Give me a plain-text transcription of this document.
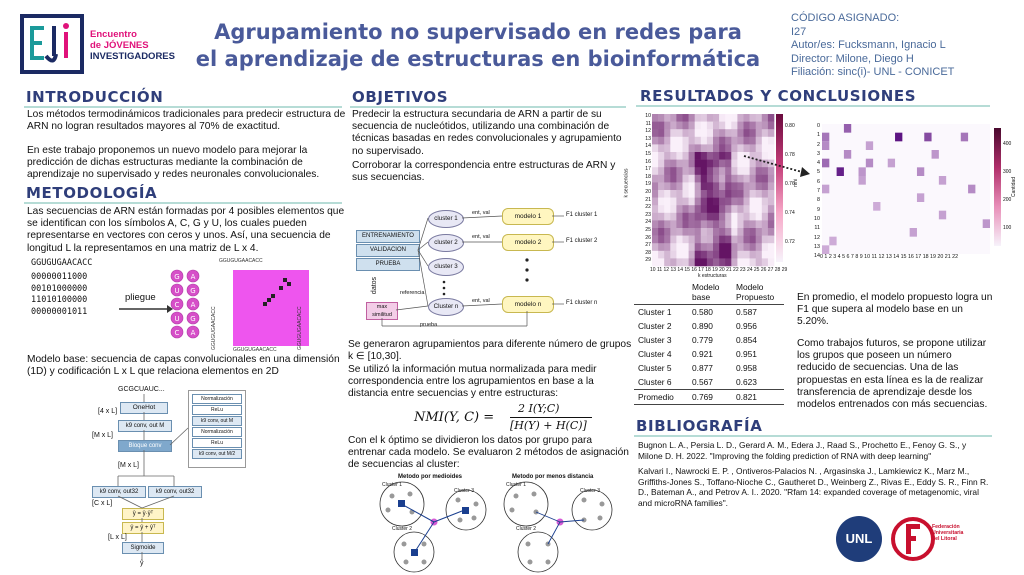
Encuentro
de JÓVENES
INVESTIGADORES
Agrupamiento no supervisado en redes para
el aprendizaje de estructuras en bioinformática
CÓDIGO ASIGNADO:
I27
Autor/es: Fucksmann, Ignacio L
Director: Milone, Diego H
Filiación: sinc(i)- UNL - CONICET
INTRODUCCIÓN
Los métodos termodinámicos tradicionales para predecir estructura de ARN no logran resultados mayores al 70% de exactitud.
En este trabajo proponemos un nuevo modelo para mejorar la predicción de dichas estructuras mediante la combinación de aprendizaje no supervisado y redes neuronales convolucionales.
METODOLOGÍA
Las secuencias de ARN están formadas por 4 posibles elementos que se identifican con los símbolos A, C, G y U, los cuales pueden representarse en vectores con ceros y unos. Así, una secuencia de longitud L la representamos en una matriz de L x 4.
GGUGUGAACACC
00000011000
00101000000
11010100000
00000001011
pliegue
G A
U G
C A
U G
C A
GGUGUGAACACC
GGUGUGAACACC
GGUGUGAACACC	GGUGUGAACACC
Modelo base: secuencia de capas convolucionales en una dimensión (1D) y codificación L x L que relaciona elementos en 2D
GCGCUAUC...
[4 x L]
OneHot
k9 conv, out M
[M x L]
Bloque conv
[M x L]
k9 conv, out32	k9 conv, out32
[C x L]
ŷ = ŷ·ŷᵀ
ŷ = ŷ + ŷᵀ
[L x L]
Sigmoide
ŷ
Normalización
ReLu
k9 conv, out M
Normalización
ReLu
k9 conv, out M/2
OBJETIVOS
Predecir la estructura secundaria de ARN a partir de su secuencia de nucleótidos, utilizando una combinación de técnicas basadas en redes convolucionales y agrupamiento no supervisado.
Corroborar la correspondencia entre estructuras de ARN y sus secuencias.
ENTRENAMIENTO
VALIDACION
PRUEBA
datos
cluster 1
cluster 2
cluster 3
Cluster n
max similitud
referencia
prueba
ent, val
ent, val
ent, val
modelo 1
modelo 2
modelo n
F1 cluster 1
F1 cluster 2
F1 cluster n
Se generaron agrupamientos para diferente número de grupos k ∈ [10,30].
Se utilizó la información mutua normalizada para medir correspondencia entre los agrupamientos en base a la distancia entre secuencias y entre estructuras:
NMI(Y, C) =
2 I(Y;C)
[H(Y) + H(C)]
Con el k óptimo se dividieron los datos por grupo para entrenar cada modelo. Se evaluaron 2 métodos de asignación de secuencias al cluster:
Metodo por medioides
Cluster 1
Cluster 3
Cluster 2
Metodo por menos distancia
Cluster 1
Cluster 3
Cluster 2
RESULTADOS Y CONCLUSIONES
k secuencias
10
11
12
13
14
15
16
17
18
19
20
21
22
23
24
25
26
27
28
29
10 11 12 13 14 15 16 17 18 19 20 21 22 23 24 25 26 27 28 29
k estructuras
0.80
0.78
0.76
0.74
0.72
nmi
0
1
2
3
4
5
6
7
8
9
10
11
12
13
14 0 1 2 3 4 5 6 7 8 9 10 11 12 13 14 15 16 17 18 19 20 21 22
400
300
200
100
Cantidad
	Modelo base	Modelo Propuesto
Cluster 1	0.580	0.587
Cluster 2	0.890	0.956
Cluster 3	0.779	0.854
Cluster 4	0.921	0.951
Cluster 5	0.877	0.958
Cluster 6	0.567	0.623
Promedio	0.769	0.821
En promedio, el modelo propuesto logra un F1 que supera al modelo base en un 5.20%.
Como trabajos futuros, se propone utilizar los grupos que poseen un número reducido de secuencias. Una de las propuestas en esta línea es la de realizar transferencia de aprendizaje desde los modelos entrenados con más secuencias.
BIBLIOGRAFÍA
Bugnon L. A., Persia L. D., Gerard A. M., Edera J., Raad S., Prochetto E., Fenoy G. S., y Milone D. H. 2022. "Improving the folding prediction of RNA with deep learning"
Kalvari I., Nawrocki E. P. , Ontiveros-Palacios N. , Argasinska J., Lamkiewicz K., Marz M., Griffiths-Jones S., Toffano-Nioche C., Gautheret D., Weinberg Z., Rivas E., Eddy S. R., Finn R. D., Bateman A., and Petrov A. I.. 2020. "Rfam 14: expanded coverage of metagenomic, viral and microRNA families".
UNL
Federación Universitaria del Litoral
